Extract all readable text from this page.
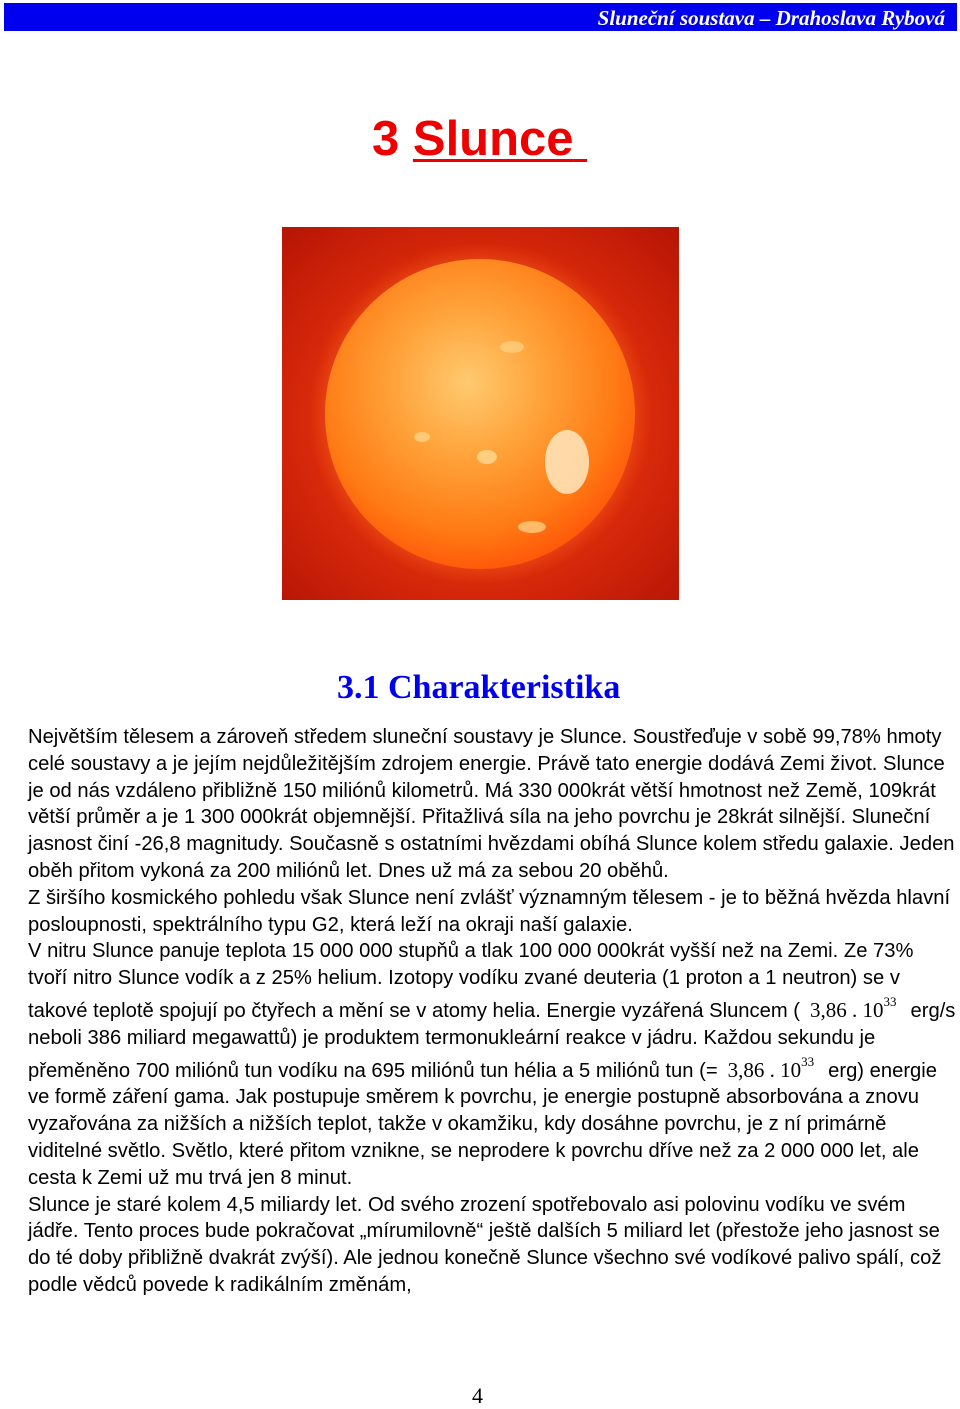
Sluneční soustava – Drahoslava Rybová
3 Slunce
3.1 Charakteristika

Největším tělesem a zároveň středem sluneční soustavy je Slunce. Soustřeďuje v sobě 99,78% hmoty celé soustavy a je jejím nejdůležitějším zdrojem energie. Právě tato energie dodává Zemi život. Slunce je od nás vzdáleno přibližně 150 miliónů kilometrů. Má 330 000krát větší hmotnost než Země, 109krát větší průměr a je 1 300 000krát objemnější. Přitažlivá síla na jeho povrchu je 28krát silnější. Sluneční jasnost činí -26,8 magnitudy. Současně s ostatními hvězdami obíhá Slunce kolem středu galaxie. Jeden oběh přitom vykoná za 200 miliónů let. Dnes už má za sebou 20 oběhů.

Z širšího kosmického pohledu však Slunce není zvlášť významným tělesem - je to běžná hvězda hlavní posloupnosti, spektrálního typu G2, která leží na okraji naší galaxie.

V nitru Slunce panuje teplota 15 000 000 stupňů a tlak 100 000 000krát vyšší než na Zemi. Ze 73% tvoří nitro Slunce vodík a z 25% helium. Izotopy vodíku zvané deuteria (1 proton a 1 neutron) se v takové teplotě spojují po čtyřech a mění se v atomy helia. Energie vyzářená Sluncem ( 3,86 . $10^{33}$ erg/s neboli 386 miliard megawattů) je produktem termonukleární reakce v jádru. Každou sekundu je přeměněno 700 miliónů tun vodíku na 695 miliónů tun hélia a 5 miliónů tun (= 3,86 . $10^{33}$ erg) energie ve formě záření gama. Jak postupuje směrem k povrchu, je energie postupně absorbována a znovu vyzařována za nižších a nižších teplot, takže v okamžiku, kdy dosáhne povrchu, je z ní primárně viditelné světlo. Světlo, které přitom vznikne, se neprodere k povrchu dříve než za 2 000 000 let, ale cesta k Zemi už mu trvá jen 8 minut.

Slunce je staré kolem 4,5 miliardy let. Od svého zrození spotřebovalo asi polovinu vodíku ve svém jádře. Tento proces bude pokračovat „mírumilovně“ ještě dalších 5 miliard let (přestože jeho jasnost se do té doby přibližně dvakrát zvýší). Ale jednou konečně Slunce všechno své vodíkové palivo spálí, což podle vědců povede k radikálním změnám,

4
